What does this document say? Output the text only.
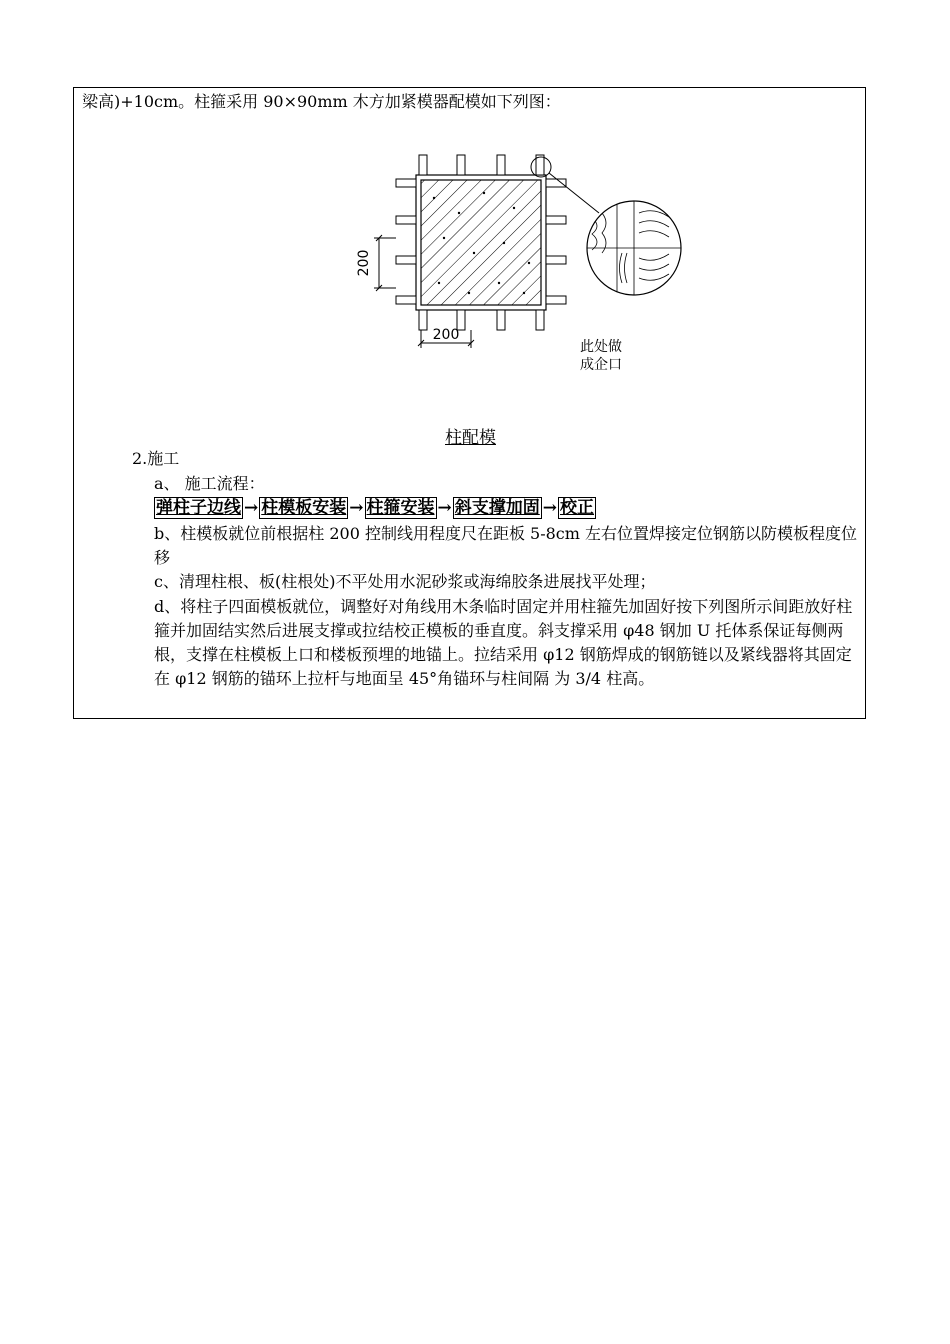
梁高)+10cm。柱箍采用 90×90mm 木方加紧模器配模如下列图：
200
200
此处做
成企口
柱配模
2.施工
a、 施工流程：
弹柱子边线 → 柱模板安装 → 柱箍安装 → 斜支撑加固 → 校正
b、柱模板就位前根据柱 200 控制线用程度尺在距板 5-8cm 左右位置焊接定位钢筋以防模板程度位移
c、清理柱根、板(柱根处)不平处用水泥砂浆或海绵胶条进展找平处理；
d、将柱子四面模板就位，调整好对角线用木条临时固定并用柱箍先加固好按下列图所示间距放好柱箍并加固结实然后进展支撑或拉结校正模板的垂直度。斜支撑采用 φ48 钢加 U 托体系保证每侧两根，支撑在柱模板上口和楼板预埋的地锚上。拉结采用 φ12 钢筋焊成的钢筋链以及紧线器将其固定在 φ12 钢筋的锚环上拉杆与地面呈 45°角锚环与柱间隔 为 3/4 柱高。
